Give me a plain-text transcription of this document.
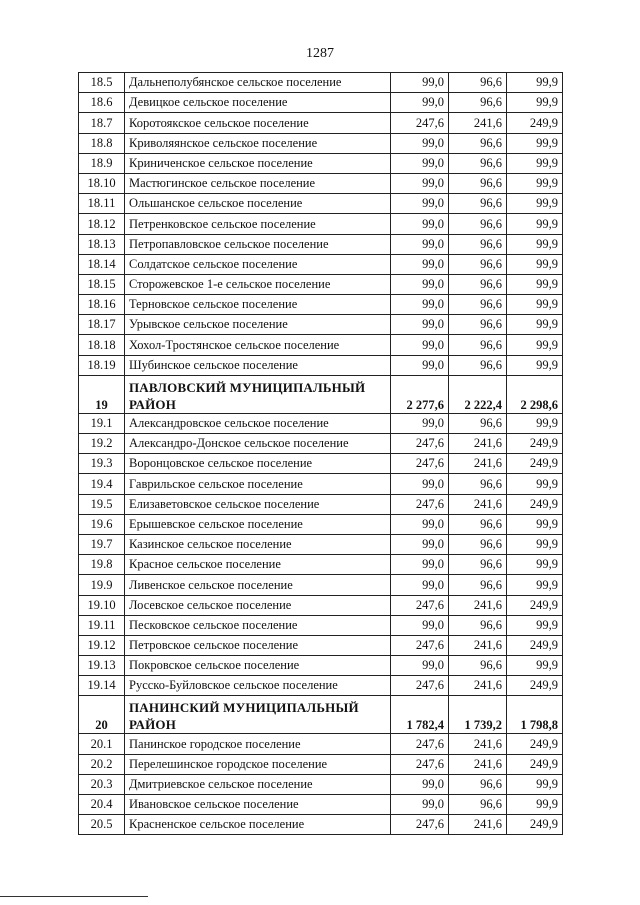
1287
18.5	Дальнеполубянское сельское поселение	99,0	96,6	99,9
18.6	Девицкое сельское поселение	99,0	96,6	99,9
18.7	Коротоякское сельское поселение	247,6	241,6	249,9
18.8	Криволяянское сельское поселение	99,0	96,6	99,9
18.9	Криниченское сельское поселение	99,0	96,6	99,9
18.10	Мастюгинское сельское поселение	99,0	96,6	99,9
18.11	Ольшанское сельское поселение	99,0	96,6	99,9
18.12	Петренковское сельское поселение	99,0	96,6	99,9
18.13	Петропавловское сельское поселение	99,0	96,6	99,9
18.14	Солдатское сельское поселение	99,0	96,6	99,9
18.15	Сторожевское 1-е сельское поселение	99,0	96,6	99,9
18.16	Терновское сельское поселение	99,0	96,6	99,9
18.17	Урывское сельское поселение	99,0	96,6	99,9
18.18	Хохол-Тростянское сельское поселение	99,0	96,6	99,9
18.19	Шубинское сельское поселение	99,0	96,6	99,9
19	ПАВЛОВСКИЙ МУНИЦИПАЛЬНЫЙ РАЙОН	2 277,6	2 222,4	2 298,6
19.1	Александровское сельское поселение	99,0	96,6	99,9
19.2	Александро-Донское сельское поселение	247,6	241,6	249,9
19.3	Воронцовское сельское поселение	247,6	241,6	249,9
19.4	Гаврильское сельское поселение	99,0	96,6	99,9
19.5	Елизаветовское сельское поселение	247,6	241,6	249,9
19.6	Ерышевское сельское поселение	99,0	96,6	99,9
19.7	Казинское сельское поселение	99,0	96,6	99,9
19.8	Красное сельское поселение	99,0	96,6	99,9
19.9	Ливенское сельское поселение	99,0	96,6	99,9
19.10	Лосевское сельское поселение	247,6	241,6	249,9
19.11	Песковское сельское поселение	99,0	96,6	99,9
19.12	Петровское сельское поселение	247,6	241,6	249,9
19.13	Покровское сельское поселение	99,0	96,6	99,9
19.14	Русско-Буйловское сельское поселение	247,6	241,6	249,9
20	ПАНИНСКИЙ МУНИЦИПАЛЬНЫЙ РАЙОН	1 782,4	1 739,2	1 798,8
20.1	Панинское городское поселение	247,6	241,6	249,9
20.2	Перелешинское городское поселение	247,6	241,6	249,9
20.3	Дмитриевское сельское поселение	99,0	96,6	99,9
20.4	Ивановское сельское поселение	99,0	96,6	99,9
20.5	Красненское сельское поселение	247,6	241,6	249,9
